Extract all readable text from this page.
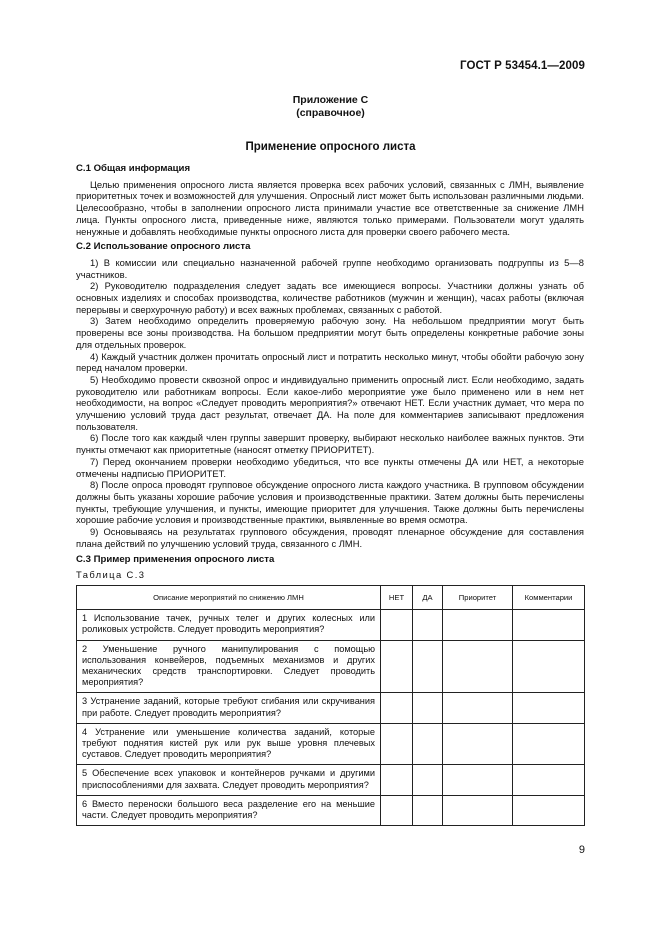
ГОСТ Р 53454.1—2009
Приложение С
(справочное)
Применение опросного листа
С.1 Общая информация

Целью применения опросного листа является проверка всех рабочих условий, связанных с ЛМН, выявление приоритетных точек и возможностей для улучшения. Опросный лист может быть использован различными людьми. Целесообразно, чтобы в заполнении опросного листа принимали участие все ответственные за снижение ЛМН лица. Пункты опросного листа, приведенные ниже, являются только примерами. Пользователи могут удалять ненужные и добавлять необходимые пункты опросного листа для проверки своего рабочего места.

С.2 Использование опросного листа

1) В комиссии или специально назначенной рабочей группе необходимо организовать подгруппы из 5—8 участников.

2) Руководителю подразделения следует задать все имеющиеся вопросы. Участники должны узнать об основных изделиях и способах производства, количестве работников (мужчин и женщин), часах работы (включая перерывы и сверхурочную работу) и всех важных проблемах, связанных с работой.

3) Затем необходимо определить проверяемую рабочую зону. На небольшом предприятии могут быть проверены все зоны производства. На большом предприятии могут быть определены конкретные рабочие зоны для отдельных проверок.

4) Каждый участник должен прочитать опросный лист и потратить несколько минут, чтобы обойти рабочую зону перед началом проверки.

5) Необходимо провести сквозной опрос и индивидуально применить опросный лист. Если необходимо, задать руководителю или работникам вопросы. Если какое-либо мероприятие уже было применено или в нем нет необходимости, на вопрос «Следует проводить мероприятия?» отвечают НЕТ. Если участник думает, что мера по улучшению условий труда даст результат, отвечает ДА. На поле для комментариев записывают предложения пользователя.

6) После того как каждый член группы завершит проверку, выбирают несколько наиболее важных пунктов. Эти пункты отмечают как приоритетные (наносят отметку ПРИОРИТЕТ).

7) Перед окончанием проверки необходимо убедиться, что все пункты отмечены ДА или НЕТ, а некоторые отмечены надписью ПРИОРИТЕТ.

8) После опроса проводят групповое обсуждение опросного листа каждого участника. В групповом обсуждении должны быть указаны хорошие рабочие условия и производственные практики. Затем должны быть перечислены пункты, требующие улучшения, и пункты, имеющие приоритет для улучшения. Также должны быть перечислены хорошие рабочие условия и производственные практики, выявленные во время осмотра.

9) Основываясь на результатах группового обсуждения, проводят пленарное обсуждение для составления плана действий по улучшению условий труда, связанного с ЛМН.

С.3 Пример применения опросного листа
Таблица С.3
Описание мероприятий по снижению ЛМН	НЕТ	ДА	Приоритет	Комментарии
1 Использование тачек, ручных телег и других колесных или роликовых устройств. Следует проводить мероприятия?				
2 Уменьшение ручного манипулирования с помощью использования конвейеров, подъемных механизмов и других механических средств транспортировки. Следует проводить мероприятия?				
3 Устранение заданий, которые требуют сгибания или скручивания при работе. Следует проводить мероприятия?				
4 Устранение или уменьшение количества заданий, которые требуют поднятия кистей рук или рук выше уровня плечевых суставов. Следует проводить мероприятия?				
5 Обеспечение всех упаковок и контейнеров ручками и другими приспособлениями для захвата. Следует проводить мероприятия?				
6 Вместо переноски большого веса разделение его на меньшие части. Следует проводить мероприятия?				
9
